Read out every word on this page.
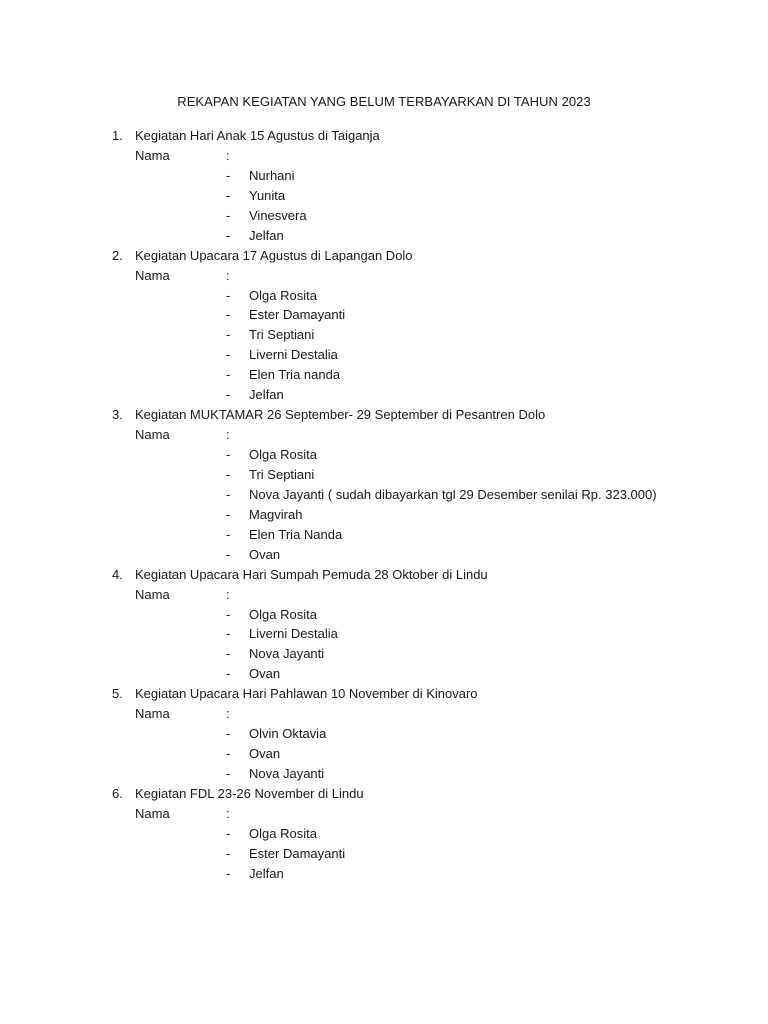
REKAPAN KEGIATAN YANG BELUM TERBAYARKAN DI TAHUN 2023
1. Kegiatan Hari Anak 15 Agustus di Taiganja
Nama	:
- Nurhani
- Yunita
- Vinesvera
- Jelfan
2. Kegiatan Upacara 17 Agustus di Lapangan Dolo
Nama	:
- Olga Rosita
- Ester Damayanti
- Tri Septiani
- Liverni Destalia
- Elen Tria nanda
- Jelfan
3. Kegiatan MUKTAMAR 26 September- 29 September di Pesantren Dolo
Nama	:
- Olga Rosita
- Tri Septiani
- Nova Jayanti ( sudah dibayarkan tgl 29 Desember senilai Rp. 323.000)
- Magvirah
- Elen Tria Nanda
- Ovan
4. Kegiatan Upacara Hari Sumpah Pemuda 28 Oktober di Lindu
Nama	:
- Olga Rosita
- Liverni Destalia
- Nova Jayanti
- Ovan
5. Kegiatan Upacara Hari Pahlawan 10 November di Kinovaro
Nama	:
- Olvin Oktavia
- Ovan
- Nova Jayanti
6. Kegiatan FDL 23-26 November di Lindu
Nama	:
- Olga Rosita
- Ester Damayanti
- Jelfan
